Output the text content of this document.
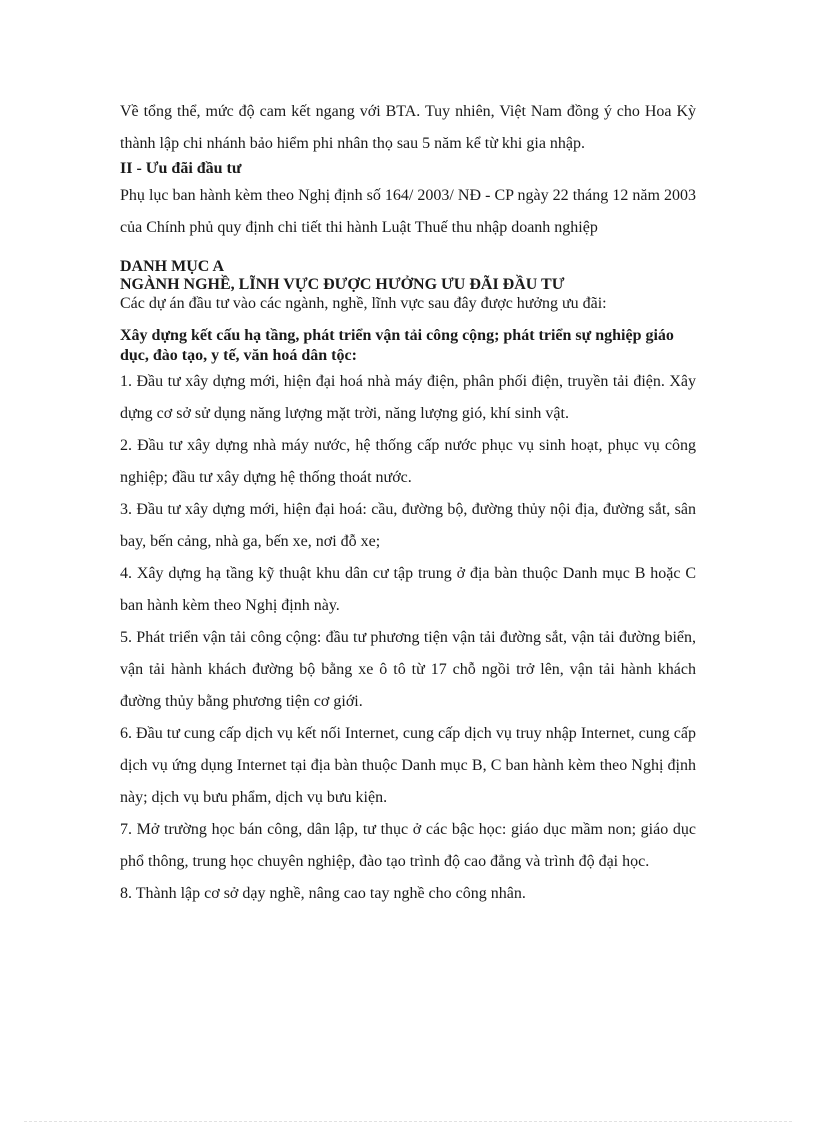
Về tổng thể, mức độ cam kết ngang với BTA. Tuy nhiên, Việt Nam đồng ý cho Hoa Kỳ thành lập chi nhánh bảo hiểm phi nhân thọ sau 5 năm kể từ khi gia nhập.

II - Ưu đãi đầu tư

Phụ lục ban hành kèm theo Nghị định số 164/ 2003/ NĐ - CP ngày 22 tháng 12 năm 2003 của Chính phủ quy định chi tiết thi hành Luật Thuế thu nhập doanh nghiệp

DANH MỤC A

NGÀNH NGHỀ, LĨNH VỰC ĐƯỢC HƯỞNG ƯU ĐÃI ĐẦU TƯ

Các dự án đầu tư vào các ngành, nghề, lĩnh vực sau đây được hưởng ưu đãi:

Xây dựng kết cấu hạ tầng, phát triển vận tải công cộng; phát triển sự nghiệp giáo dục, đào tạo, y tế, văn hoá dân tộc:

1. Đầu tư xây dựng mới, hiện đại hoá nhà máy điện, phân phối điện, truyền tải điện. Xây dựng cơ sở sử dụng năng lượng mặt trời, năng lượng gió, khí sinh vật.

2. Đầu tư xây dựng nhà máy nước, hệ thống cấp nước phục vụ sinh hoạt, phục vụ công nghiệp; đầu tư xây dựng hệ thống thoát nước.

3. Đầu tư xây dựng mới, hiện đại hoá: cầu, đường bộ, đường thủy nội địa, đường sắt, sân bay, bến cảng, nhà ga, bến xe, nơi đỗ xe;

4. Xây dựng hạ tầng kỹ thuật khu dân cư tập trung ở địa bàn thuộc Danh mục B hoặc C ban hành kèm theo Nghị định này.

5. Phát triển vận tải công cộng: đầu tư phương tiện vận tải đường sắt, vận tải đường biển, vận tải hành khách đường bộ bằng xe ô tô từ 17 chỗ ngồi trở lên, vận tải hành khách đường thủy bằng phương tiện cơ giới.

6. Đầu tư cung cấp dịch vụ kết nối Internet, cung cấp dịch vụ truy nhập Internet, cung cấp dịch vụ ứng dụng Internet tại địa bàn thuộc Danh mục B, C ban hành kèm theo Nghị định này; dịch vụ bưu phẩm, dịch vụ bưu kiện.

7. Mở trường học bán công, dân lập, tư thục ở các bậc học: giáo dục mầm non; giáo dục phổ thông, trung học chuyên nghiệp, đào tạo trình độ cao đẳng và trình độ đại học.

8. Thành lập cơ sở dạy nghề, nâng cao tay nghề cho công nhân.
